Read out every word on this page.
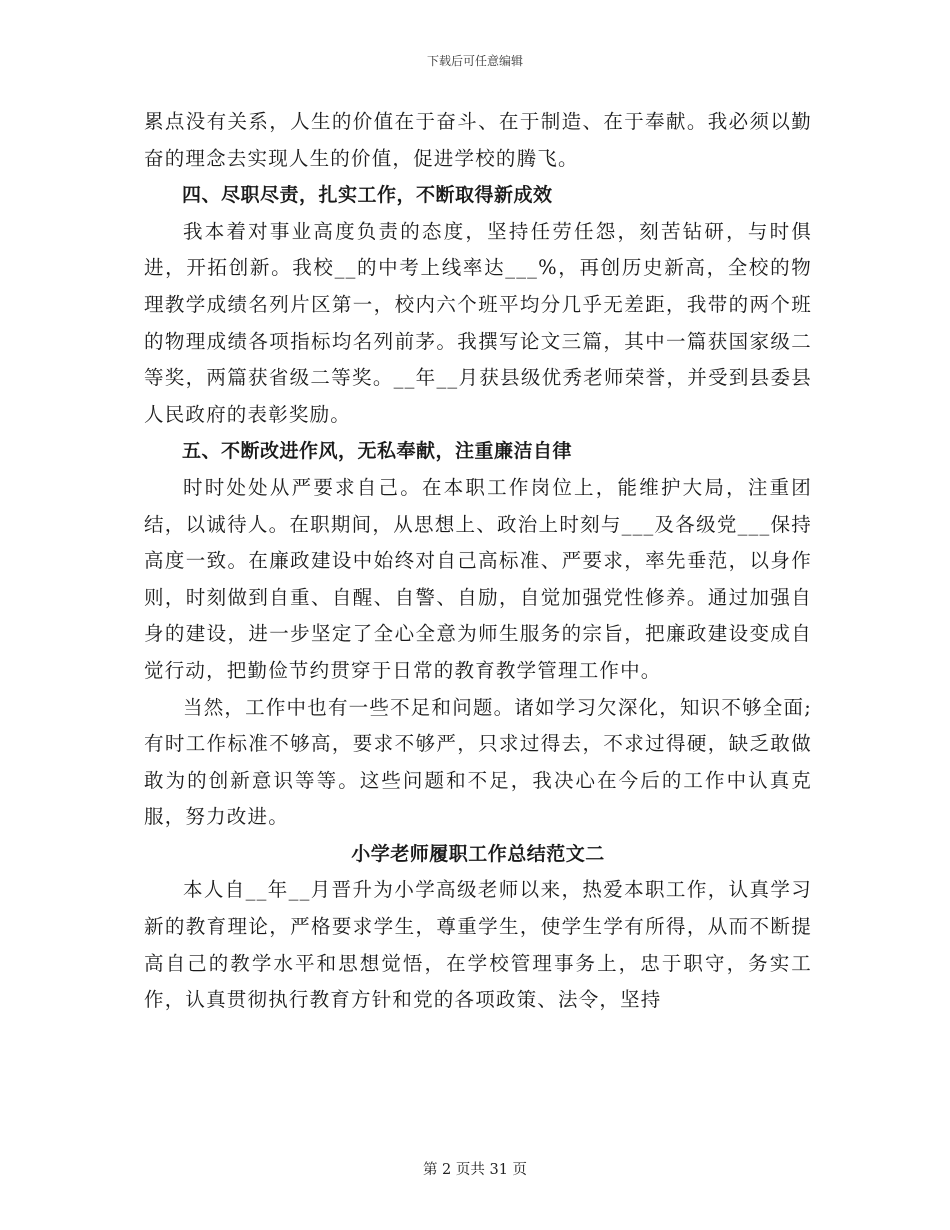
下载后可任意编辑

累点没有关系，人生的价值在于奋斗、在于制造、在于奉献。我必须以勤奋的理念去实现人生的价值，促进学校的腾飞。

四、尽职尽责，扎实工作，不断取得新成效

我本着对事业高度负责的态度，坚持任劳任怨，刻苦钻研，与时俱进，开拓创新。我校__的中考上线率达___%，再创历史新高，全校的物理教学成绩名列片区第一，校内六个班平均分几乎无差距，我带的两个班的物理成绩各项指标均名列前茅。我撰写论文三篇，其中一篇获国家级二等奖，两篇获省级二等奖。__年__月获县级优秀老师荣誉，并受到县委县人民政府的表彰奖励。

五、不断改进作风，无私奉献，注重廉洁自律

时时处处从严要求自己。在本职工作岗位上，能维护大局，注重团结，以诚待人。在职期间，从思想上、政治上时刻与___及各级党___保持高度一致。在廉政建设中始终对自己高标准、严要求，率先垂范，以身作则，时刻做到自重、自醒、自警、自励，自觉加强党性修养。通过加强自身的建设，进一步坚定了全心全意为师生服务的宗旨，把廉政建设变成自觉行动，把勤俭节约贯穿于日常的教育教学管理工作中。

当然，工作中也有一些不足和问题。诸如学习欠深化，知识不够全面;有时工作标准不够高，要求不够严，只求过得去，不求过得硬，缺乏敢做敢为的创新意识等等。这些问题和不足，我决心在今后的工作中认真克服，努力改进。

小学老师履职工作总结范文二

本人自__年__月晋升为小学高级老师以来，热爱本职工作，认真学习新的教育理论，严格要求学生，尊重学生，使学生学有所得，从而不断提高自己的教学水平和思想觉悟，在学校管理事务上，忠于职守，务实工作，认真贯彻执行教育方针和党的各项政策、法令，坚持

第 2 页共 31 页
